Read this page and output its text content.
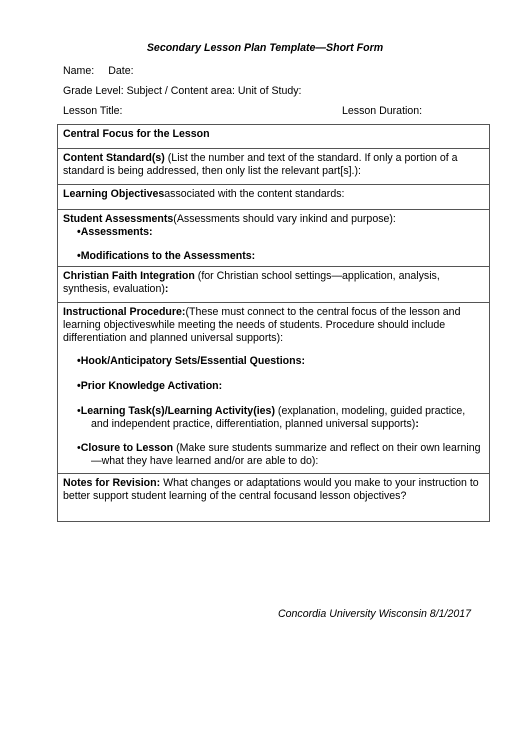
Secondary Lesson Plan Template—Short Form
Name: Date:
Grade Level: Subject / Content area: Unit of Study:
Lesson Title:	Lesson Duration:
Central Focus for the Lesson
Content Standard(s) (List the number and text of the standard. If only a portion of a standard is being addressed, then only list the relevant part[s].):
Learning Objectivesassociated with the content standards:
Student Assessments(Assessments should vary inkind and purpose):
•Assessments:
•Modifications to the Assessments:
Christian Faith Integration (for Christian school settings—application, analysis, synthesis, evaluation):
Instructional Procedure:(These must connect to the central focus of the lesson and learning objectiveswhile meeting the needs of students. Procedure should include differentiation and planned universal supports):
•Hook/Anticipatory Sets/Essential Questions:
•Prior Knowledge Activation:
•Learning Task(s)/Learning Activity(ies) (explanation, modeling, guided practice, and independent practice, differentiation, planned universal supports):
•Closure to Lesson (Make sure students summarize and reflect on their own learning—what they have learned and/or are able to do):
Notes for Revision: What changes or adaptations would you make to your instruction to better support student learning of the central focusand lesson objectives?
Concordia University Wisconsin 8/1/2017
